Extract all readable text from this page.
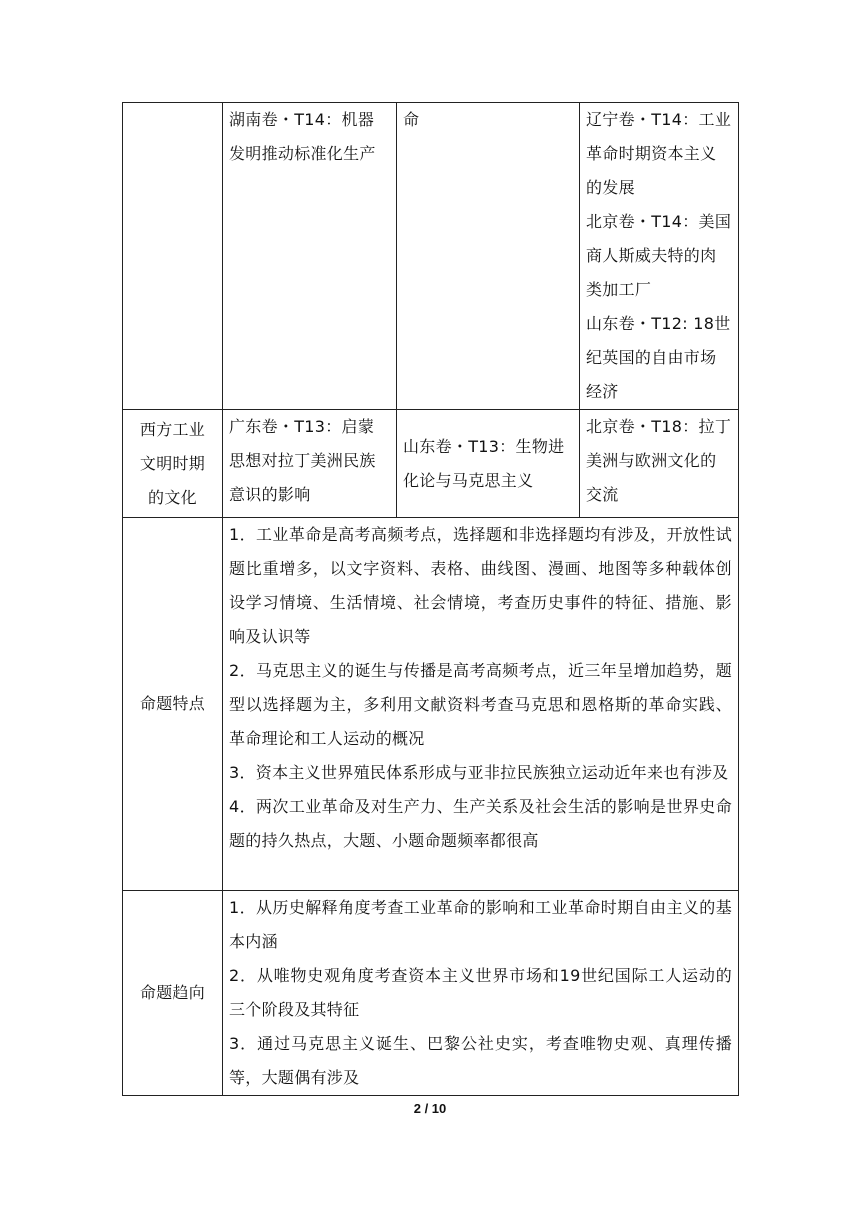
	湖南卷・T14：机器发明推动标准化生产	命	辽宁卷・T14：工业革命时期资本主义的发展
北京卷・T14：美国商人斯威夫特的肉类加工厂
山东卷・T12: 18世纪英国的自由市场经济

西方工业文明时期的文化	广东卷・T13：启蒙思想对拉丁美洲民族意识的影响	山东卷・T13：生物进化论与马克思主义	北京卷・T18：拉丁美洲与欧洲文化的交流

命题特点	1．工业革命是高考高频考点，选择题和非选择题均有涉及，开放性试题比重增多，以文字资料、表格、曲线图、漫画、地图等多种载体创设学习情境、生活情境、社会情境，考查历史事件的特征、措施、影响及认识等
2．马克思主义的诞生与传播是高考高频考点，近三年呈增加趋势，题型以选择题为主，多利用文献资料考查马克思和恩格斯的革命实践、革命理论和工人运动的概况
3．资本主义世界殖民体系形成与亚非拉民族独立运动近年来也有涉及
4．两次工业革命及对生产力、生产关系及社会生活的影响是世界史命题的持久热点，大题、小题命题频率都很高		

命题趋向	1．从历史解释角度考查工业革命的影响和工业革命时期自由主义的基本内涵
2．从唯物史观角度考查资本主义世界市场和19世纪国际工人运动的三个阶段及其特征
3．通过马克思主义诞生、巴黎公社史实，考查唯物史观、真理传播等，大题偶有涉及		
2 / 10
